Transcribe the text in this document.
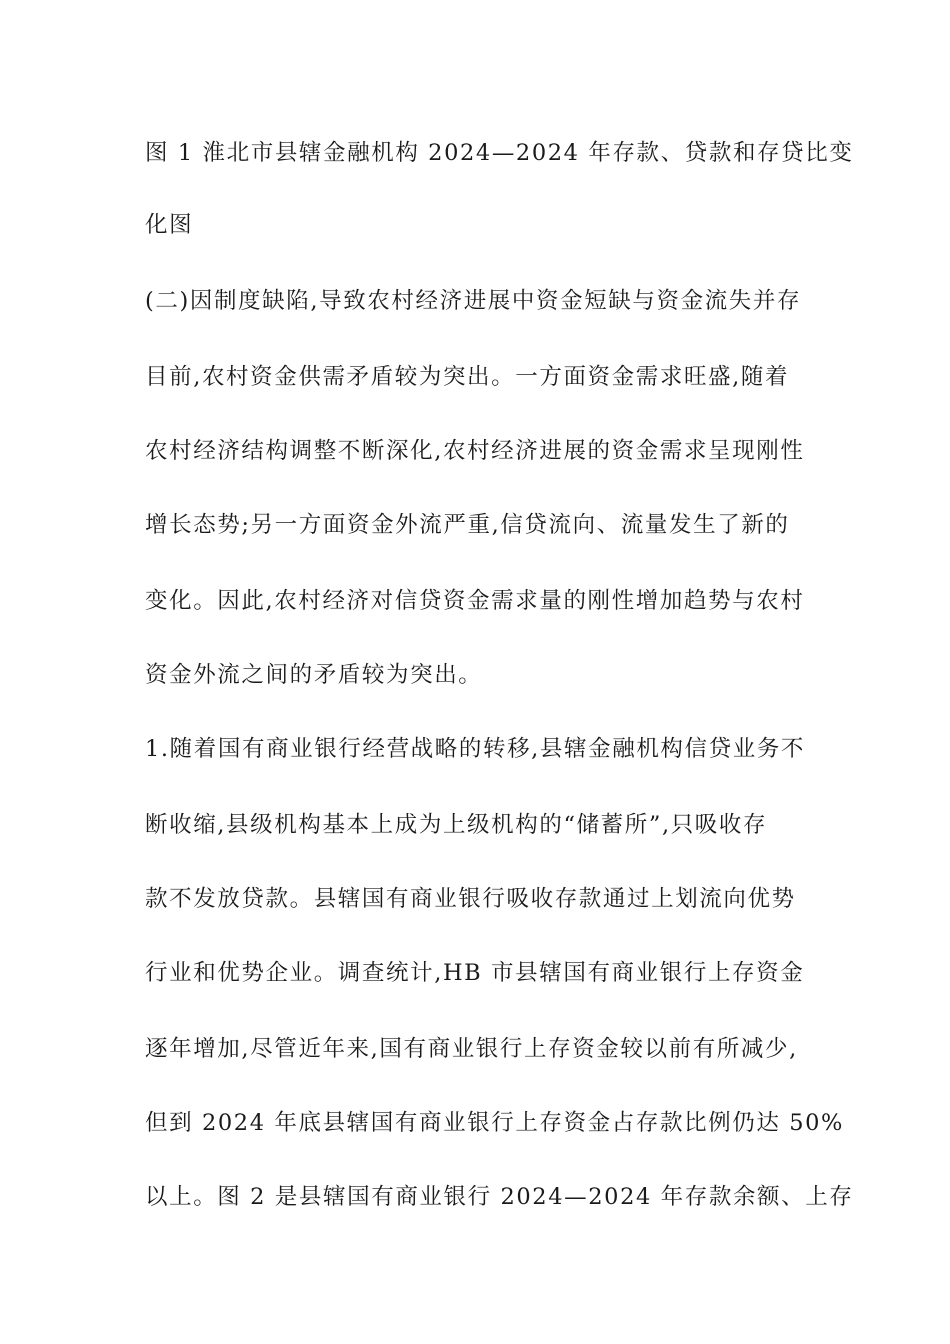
图 1 淮北市县辖金融机构 2024—2024 年存款、贷款和存贷比变
化图
(二)因制度缺陷,导致农村经济进展中资金短缺与资金流失并存
目前,农村资金供需矛盾较为突出。一方面资金需求旺盛,随着
农村经济结构调整不断深化,农村经济进展的资金需求呈现刚性
增长态势;另一方面资金外流严重,信贷流向、流量发生了新的
变化。因此,农村经济对信贷资金需求量的刚性增加趋势与农村
资金外流之间的矛盾较为突出。
1.随着国有商业银行经营战略的转移,县辖金融机构信贷业务不
断收缩,县级机构基本上成为上级机构的“储蓄所”,只吸收存
款不发放贷款。县辖国有商业银行吸收存款通过上划流向优势
行业和优势企业。调查统计,HB 市县辖国有商业银行上存资金
逐年增加,尽管近年来,国有商业银行上存资金较以前有所减少,
但到 2024 年底县辖国有商业银行上存资金占存款比例仍达 50%
以上。图 2 是县辖国有商业银行 2024—2024 年存款余额、上存
